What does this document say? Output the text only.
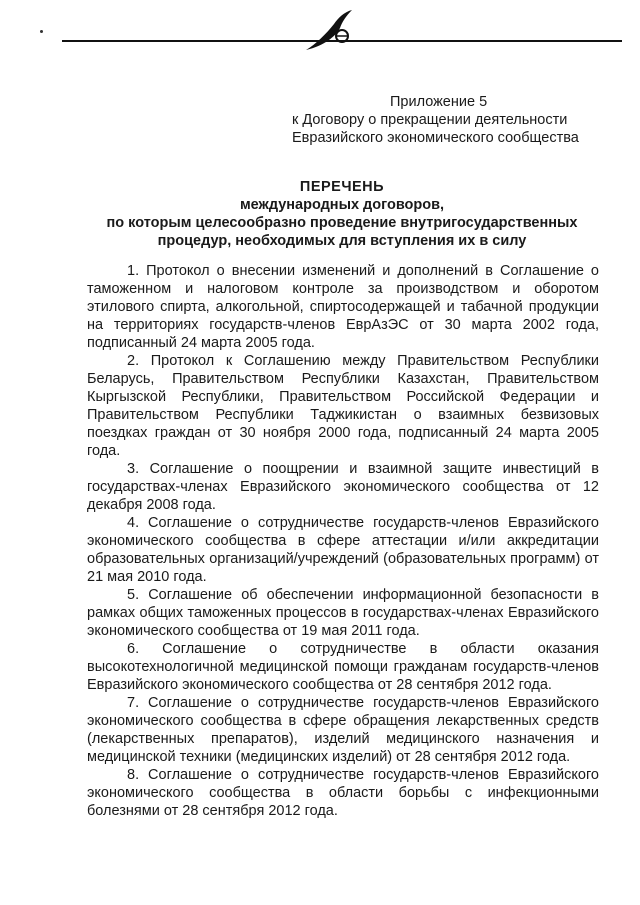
Приложение 5
к Договору о прекращении деятельности
Евразийского экономического сообщества
ПЕРЕЧЕНЬ
международных договоров,
по которым целесообразно проведение внутригосударственных
процедур, необходимых для вступления их в силу

1. Протокол о внесении изменений и дополнений в Соглашение о таможенном и налоговом контроле за производством и оборотом этилового спирта, алкогольной, спиртосодержащей и табачной продукции на территориях государств-членов ЕврАзЭС от 30 марта 2002 года, подписанный 24 марта 2005 года.

2. Протокол к Соглашению между Правительством Республики Беларусь, Правительством Республики Казахстан, Правительством Кыргызской Республики, Правительством Российской Федерации и Правительством Республики Таджикистан о взаимных безвизовых поездках граждан от 30 ноября 2000 года, подписанный 24 марта 2005 года.

3. Соглашение о поощрении и взаимной защите инвестиций в государствах-членах Евразийского экономического сообщества от 12 декабря 2008 года.

4. Соглашение о сотрудничестве государств-членов Евразийского экономического сообщества в сфере аттестации и/или аккредитации образовательных организаций/учреждений (образовательных программ) от 21 мая 2010 года.

5. Соглашение об обеспечении информационной безопасности в рамках общих таможенных процессов в государствах-членах Евразийского экономического сообщества от 19 мая 2011 года.

6. Соглашение о сотрудничестве в области оказания высокотехнологичной медицинской помощи гражданам государств-членов Евразийского экономического сообщества от 28 сентября 2012 года.

7. Соглашение о сотрудничестве государств-членов Евразийского экономического сообщества в сфере обращения лекарственных средств (лекарственных препаратов), изделий медицинского назначения и медицинской техники (медицинских изделий) от 28 сентября 2012 года.

8. Соглашение о сотрудничестве государств-членов Евразийского экономического сообщества в области борьбы с инфекционными болезнями от 28 сентября 2012 года.
